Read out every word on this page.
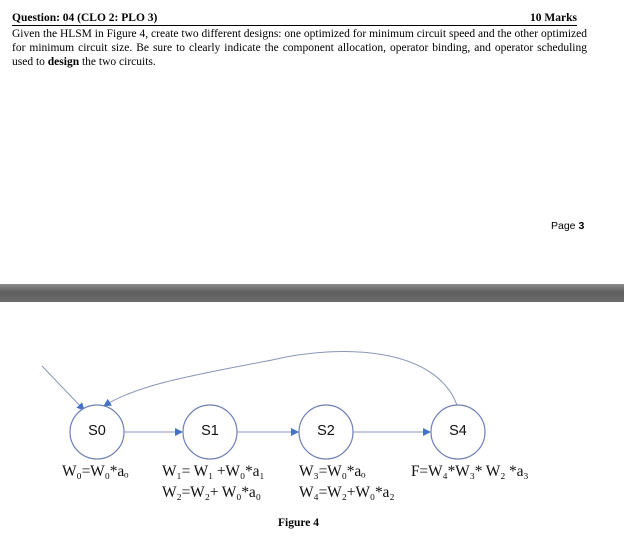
Question: 04 (CLO 2: PLO 3)	10 Marks
Given the HLSM in Figure 4, create two different designs: one optimized for minimum circuit speed and the other optimized for minimum circuit size. Be sure to clearly indicate the component allocation, operator binding, and operator scheduling used to design the two circuits.
Page 3
S0	S1	S2	S4
W₀=W₀*aₒ W₁= W₁ +W₀*a₁
W₂=W₂+ W₀*a₀
W₃=W₀*aₒ
W₄=W₂+W₀*a₂
F=W₄*W₃* W₂ *a₃
Figure 4
